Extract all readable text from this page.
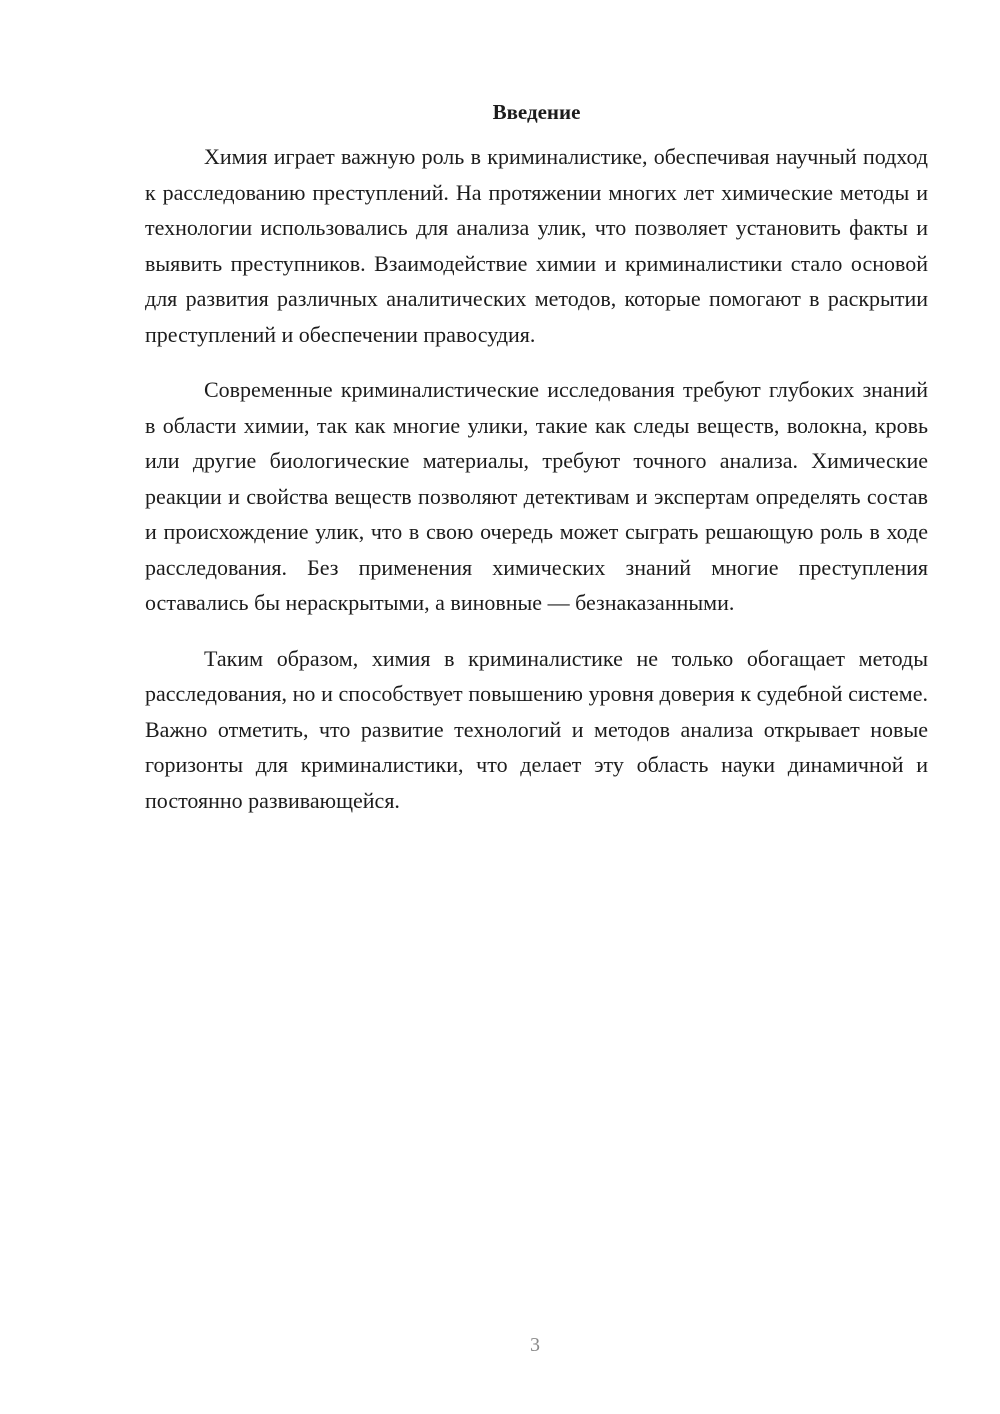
Введение

Химия играет важную роль в криминалистике, обеспечивая научный подход к расследованию преступлений. На протяжении многих лет химические методы и технологии использовались для анализа улик, что позволяет установить факты и выявить преступников. Взаимодействие химии и криминалистики стало основой для развития различных аналитических методов, которые помогают в раскрытии преступлений и обеспечении правосудия.

Современные криминалистические исследования требуют глубоких знаний в области химии, так как многие улики, такие как следы веществ, волокна, кровь или другие биологические материалы, требуют точного анализа. Химические реакции и свойства веществ позволяют детективам и экспертам определять состав и происхождение улик, что в свою очередь может сыграть решающую роль в ходе расследования. Без применения химических знаний многие преступления оставались бы нераскрытыми, а виновные — безнаказанными.

Таким образом, химия в криминалистике не только обогащает методы расследования, но и способствует повышению уровня доверия к судебной системе. Важно отметить, что развитие технологий и методов анализа открывает новые горизонты для криминалистики, что делает эту область науки динамичной и постоянно развивающейся.

3
